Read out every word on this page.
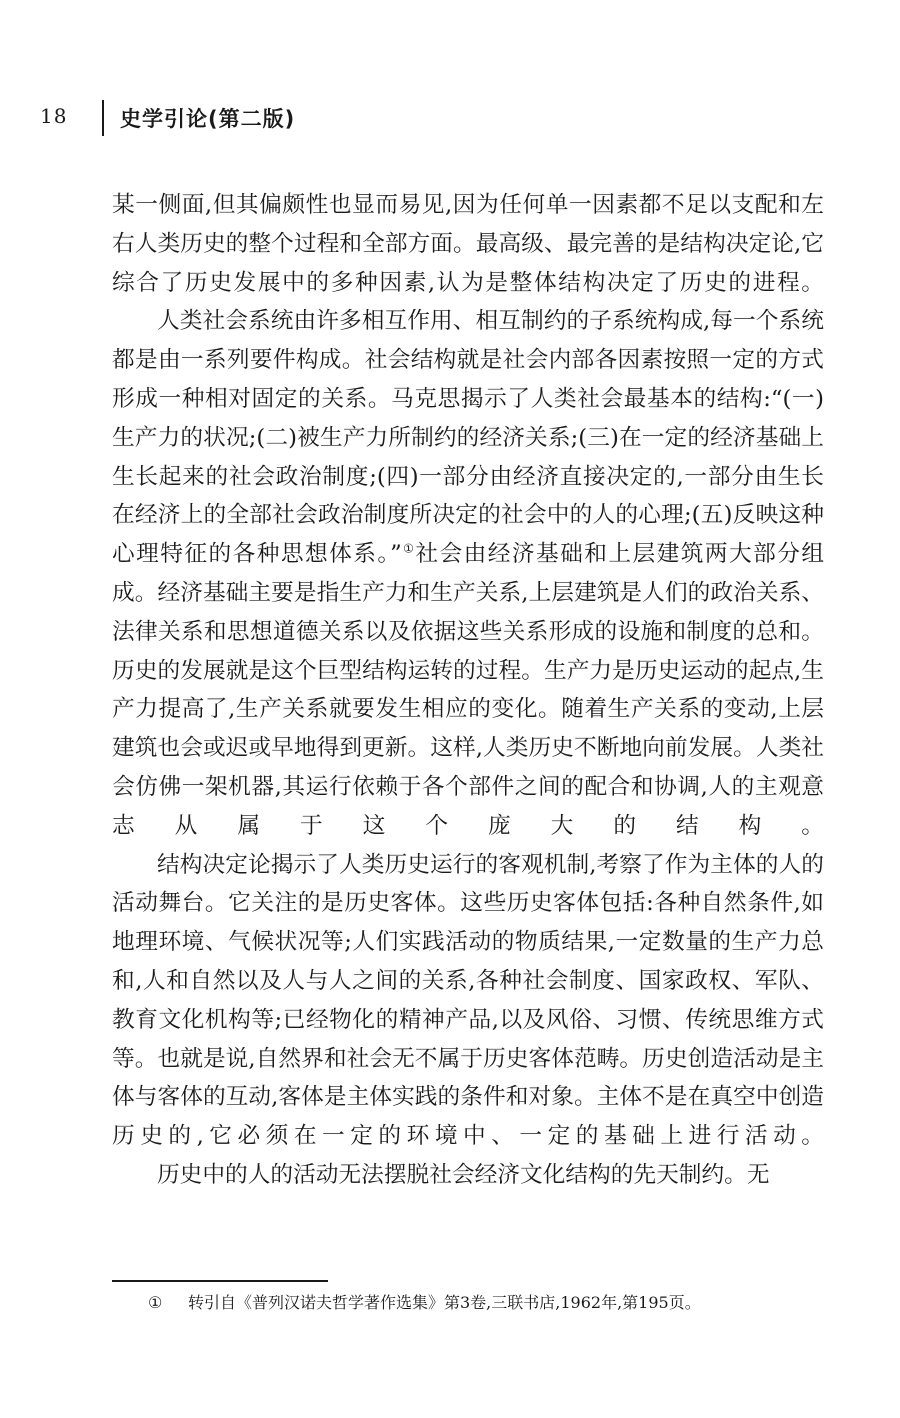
18	史学引论(第二版)

某一侧面,但其偏颇性也显而易见,因为任何单一因素都不足以支配和左右人类历史的整个过程和全部方面。最高级、最完善的是结构决定论,它综合了历史发展中的多种因素,认为是整体结构决定了历史的进程。

人类社会系统由许多相互作用、相互制约的子系统构成,每一个系统都是由一系列要件构成。社会结构就是社会内部各因素按照一定的方式形成一种相对固定的关系。马克思揭示了人类社会最基本的结构:“(一)生产力的状况;(二)被生产力所制约的经济关系;(三)在一定的经济基础上生长起来的社会政治制度;(四)一部分由经济直接决定的,一部分由生长在经济上的全部社会政治制度所决定的社会中的人的心理;(五)反映这种心理特征的各种思想体系。”①社会由经济基础和上层建筑两大部分组成。经济基础主要是指生产力和生产关系,上层建筑是人们的政治关系、法律关系和思想道德关系以及依据这些关系形成的设施和制度的总和。历史的发展就是这个巨型结构运转的过程。生产力是历史运动的起点,生产力提高了,生产关系就要发生相应的变化。随着生产关系的变动,上层建筑也会或迟或早地得到更新。这样,人类历史不断地向前发展。人类社会仿佛一架机器,其运行依赖于各个部件之间的配合和协调,人的主观意志从属于这个庞大的结构。

结构决定论揭示了人类历史运行的客观机制,考察了作为主体的人的活动舞台。它关注的是历史客体。这些历史客体包括:各种自然条件,如地理环境、气候状况等;人们实践活动的物质结果,一定数量的生产力总和,人和自然以及人与人之间的关系,各种社会制度、国家政权、军队、教育文化机构等;已经物化的精神产品,以及风俗、习惯、传统思维方式等。也就是说,自然界和社会无不属于历史客体范畴。历史创造活动是主体与客体的互动,客体是主体实践的条件和对象。主体不是在真空中创造历史的,它必须在一定的环境中、一定的基础上进行活动。

历史中的人的活动无法摆脱社会经济文化结构的先天制约。无

① 转引自《普列汉诺夫哲学著作选集》第3卷,三联书店,1962年,第195页。
